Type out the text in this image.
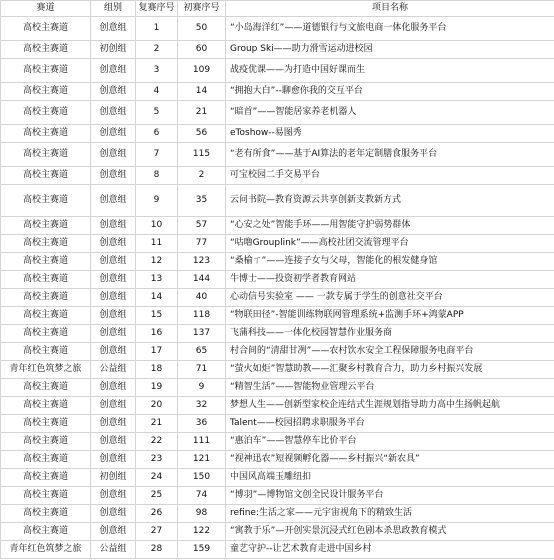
赛道	组别	复赛序号	初赛序号	项目名称
高校主赛道	创意组	1	50	“小岛海洋红”——道德银行与文旅电商一体化服务平台
高校主赛道	初创组	2	60	Group Ski——助力滑雪运动进校园
高校主赛道	创意组	3	109	战疫优课——为打造中国好课而生
高校主赛道	创意组	4	14	“拥抱大白”--聊愈你我的交互平台
高校主赛道	创意组	5	21	“暗首”——智能居家养老机器人
高校主赛道	创意组	6	56	eToshow--易图秀
高校主赛道	创意组	7	115	“老有所食”——基于AI算法的老年定制膳食服务平台
高校主赛道	创意组	8	2	可宝校园二手交易平台
高校主赛道	创意组	9	35	云问书院—教育资源云共享创新支教新方式
高校主赛道	创意组	10	57	“心安之处”智能手环——用智能守护弱势群体
高校主赛道	创意组	11	77	“咕噜Grouplink”——高校社团交流管理平台
高校主赛道	创意组	12	123	“桑榆ㄒ”——连接子女与父母，智能化的根发健身馆
高校主赛道	创意组	13	144	牛博士——投资初学者教育网站
高校主赛道	创意组	14	40	心动信号实验室 —— 一款专属于学生的创意社交平台
高校主赛道	创意组	15	118	“物联田径”-智能训练物联网管理系统+监测手环+鸿蒙APP
高校主赛道	创意组	16	137	飞蒲科技——一体化校园智慧作业服务商
高校主赛道	创意组	17	65	村合间的“清甜甘冽”——农村饮水安全工程保障服务电商平台
青年红色筑梦之旅	公益组	18	71	“萤火如炬”智慧助教——汇聚乡村教育合力，助力乡村振兴发展
高校主赛道	创意组	19	9	“精智生活”——智能物业管理云平台
高校主赛道	创意组	20	32	梦想人生——创新型家校企连结式生涯规划指导助力高中生扬帆起航
高校主赛道	创意组	21	36	Talent——校园招聘求职服务平台
高校主赛道	创意组	22	111	“惠泊车”——智慧停车比价平台
高校主赛道	创意组	23	121	“视神迅农”短视频孵化器——乡村振兴“新农具”
高校主赛道	初创组	24	150	中国风高端玉雕纽扣
高校主赛道	创意组	25	74	“博羽”—博物馆文创全民设计服务平台
高校主赛道	创意组	26	98	refine:生活之家——元宇宙视角下的精致生活
高校主赛道	创意组	27	122	“寓教于乐”—开创实景沉浸式红色剧本杀思政教育模式
青年红色筑梦之旅	公益组	28	159	童艺守护--让艺术教育走进中国乡村
